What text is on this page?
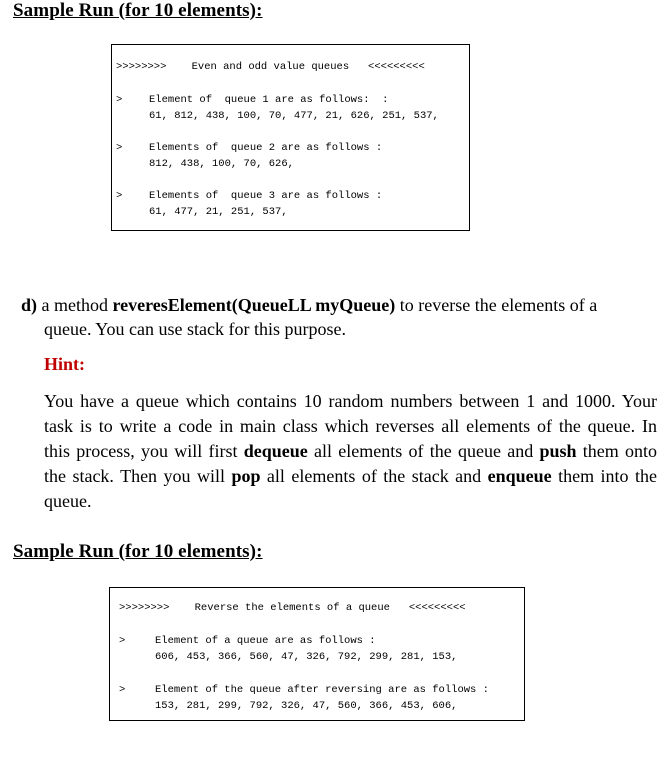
Sample Run (for 10 elements):

>>>>>>>>    Even and odd value queues   <<<<<<<<<

>

	Element of  queue 1 are as follows:  :

61, 812, 438, 100, 70, 477, 21, 626, 251, 537,

>

	Elements of  queue 2 are as follows :

812, 438, 100, 70, 626,

>

	Elements of  queue 3 are as follows :

61, 477, 21, 251, 537,

d) a method reveresElement(QueueLL myQueue) to reverse the elements of a
queue. You can use stack for this purpose.
Hint:
You have a queue which contains 10 random numbers between 1 and 1000. Your
task is to write a code in main class which reverses all elements of the queue. In
this process, you will first dequeue all elements of the queue and push them onto
the stack. Then you will pop all elements of the stack and enqueue them into the
queue.
Sample Run (for 10 elements):

>>>>>>>>    Reverse the elements of a queue   <<<<<<<<<

>

	Element of a queue are as follows :

606, 453, 366, 560, 47, 326, 792, 299, 281, 153,

>

	Element of the queue after reversing are as follows :

153, 281, 299, 792, 326, 47, 560, 366, 453, 606,
